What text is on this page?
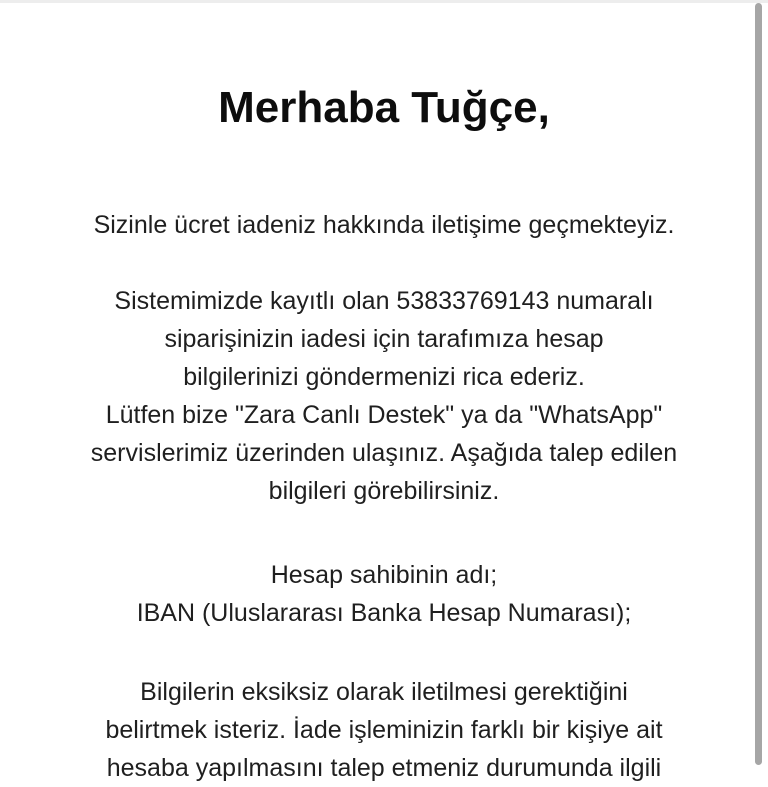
Merhaba Tuğçe,
Sizinle ücret iadeniz hakkında iletişime geçmekteyiz.
Sistemimizde kayıtlı olan 53833769143 numaralı
siparişinizin iadesi için tarafımıza hesap
bilgilerinizi göndermenizi rica ederiz.
Lütfen bize "Zara Canlı Destek" ya da "WhatsApp"
servislerimiz üzerinden ulaşınız. Aşağıda talep edilen
bilgileri görebilirsiniz.
Hesap sahibinin adı;
IBAN (Uluslararası Banka Hesap Numarası);
Bilgilerin eksiksiz olarak iletilmesi gerektiğini
belirtmek isteriz. İade işleminizin farklı bir kişiye ait
hesaba yapılmasını talep etmeniz durumunda ilgili
